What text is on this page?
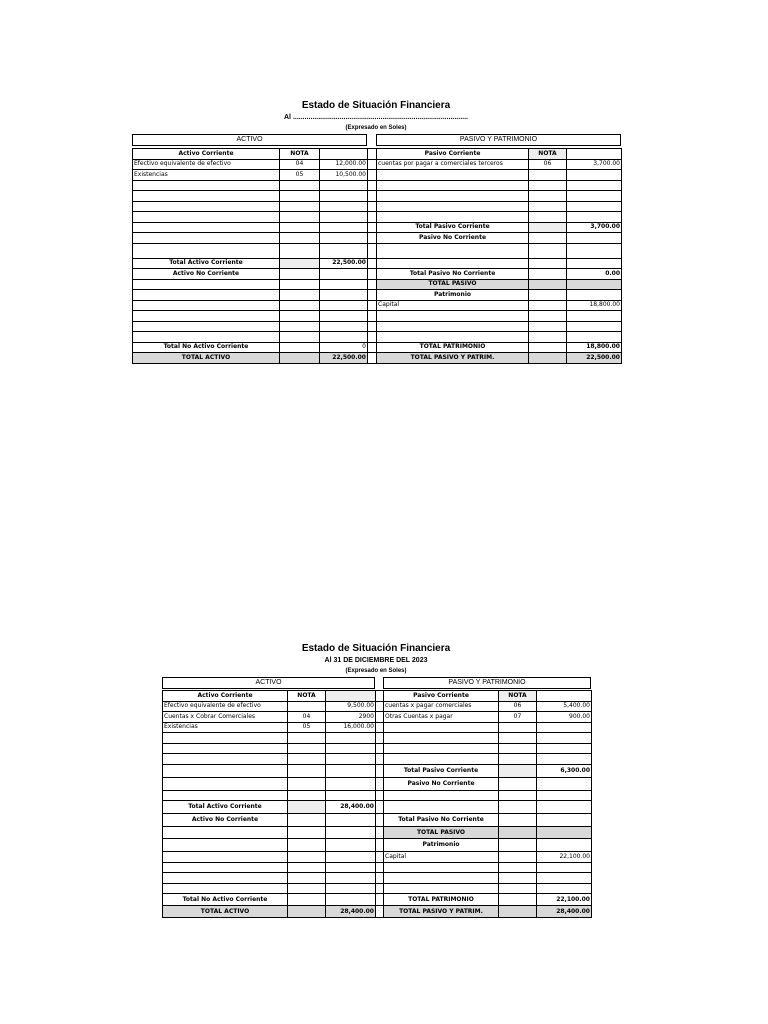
Estado de Situación Financiera
Al ..........................................................................................
(Expresado en Soles)
ACTIVO	PASIVO Y PATRIMONIO
Activo Corriente	NOTA			Pasivo Corriente	NOTA	
Efectivo equivalente de efectivo	04	12,000.00		cuentas por pagar a comerciales terceros	06	3,700.00
Existencias	05	10,500.00				

				Total Pasivo Corriente		3,700.00
				Pasivo No Corriente		

Total Activo Corriente		22,500.00				
Activo No Corriente				Total Pasivo No Corriente		0.00
				TOTAL PASIVO		
				Patrimonio		
				Capital		18,800.00

Total No Activo Corriente		0		TOTAL PATRIMONIO		18,800.00
TOTAL ACTIVO		22,500.00		TOTAL PASIVO Y PATRIM.		22,500.00
Estado de Situación Financiera
Al 31 DE DICIEMBRE DEL 2023
(Expresado en Soles)
ACTIVO	PASIVO Y PATRIMONIO
Activo Corriente	NOTA			Pasivo Corriente	NOTA	
Efectivo equivalente de efectivo		9,500.00		cuentas x pagar comerciales	06	5,400.00
Cuentas x Cobrar Comerciales	04	2900		Otras Cuentas x pagar	07	900.00
Existencias	05	16,000.00				

				Total Pasivo Corriente		6,300.00
				Pasivo No Corriente		

Total Activo Corriente		28,400.00				
Activo No Corriente				Total Pasivo No Corriente		
				TOTAL PASIVO		
				Patrimonio		
				Capital		22,100.00

Total No Activo Corriente				TOTAL PATRIMONIO		22,100.00
TOTAL ACTIVO		28,400.00		TOTAL PASIVO Y PATRIM.		28,400.00
